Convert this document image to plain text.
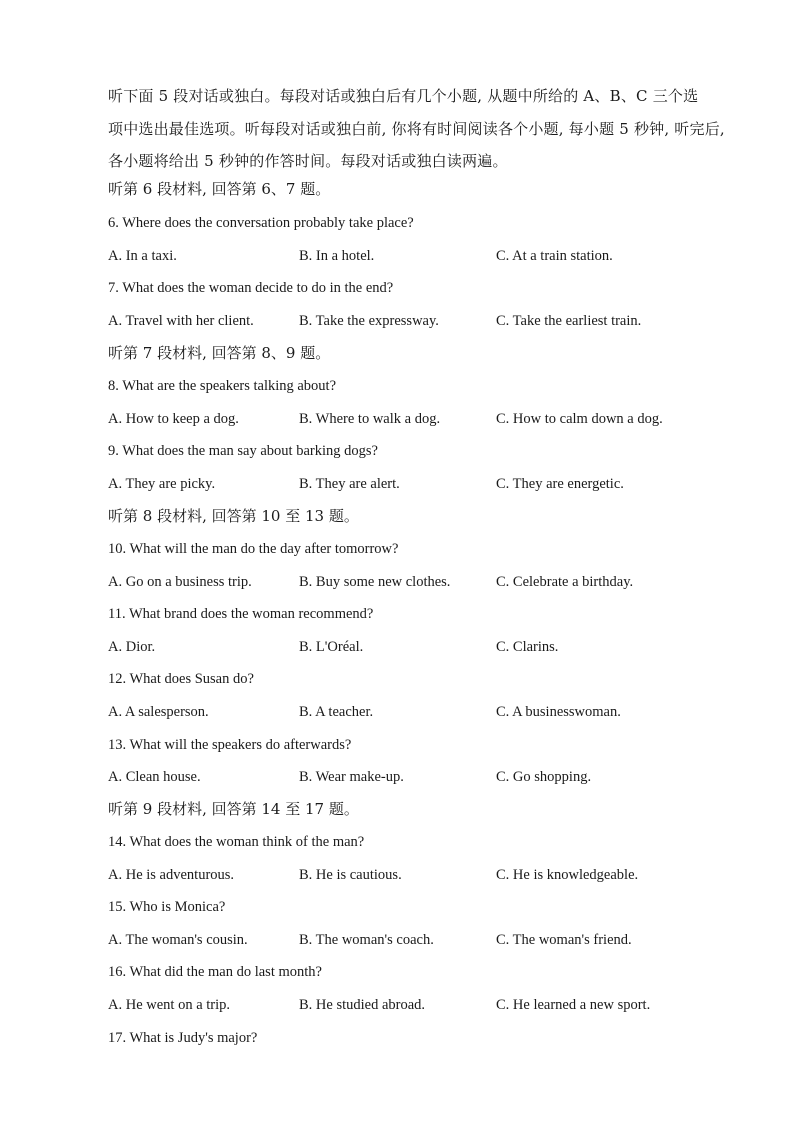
听下面 5 段对话或独白。每段对话或独白后有几个小题, 从题中所给的 A、B、C 三个选
项中选出最佳选项。听每段对话或独白前, 你将有时间阅读各个小题, 每小题 5 秒钟, 听完后,
各小题将给出 5 秒钟的作答时间。每段对话或独白读两遍。
听第 6 段材料, 回答第 6、7 题。
6. Where does the conversation probably take place?
A. In a taxi.	B. In a hotel.	C. At a train station.
7. What does the woman decide to do in the end?
A. Travel with her client.	B. Take the expressway.	C. Take the earliest train.
听第 7 段材料, 回答第 8、9 题。
8. What are the speakers talking about?
A. How to keep a dog.	B. Where to walk a dog.	C. How to calm down a dog.
9. What does the man say about barking dogs?
A. They are picky.	B. They are alert.	C. They are energetic.
听第 8 段材料, 回答第 10 至 13 题。
10. What will the man do the day after tomorrow?
A. Go on a business trip.	B. Buy some new clothes.	C. Celebrate a birthday.
11. What brand does the woman recommend?
A. Dior.	B. L'Oréal.	C. Clarins.
12. What does Susan do?
A. A salesperson.	B. A teacher.	C. A businesswoman.
13. What will the speakers do afterwards?
A. Clean house.	B. Wear make-up.	C. Go shopping.
听第 9 段材料, 回答第 14 至 17 题。
14. What does the woman think of the man?
A. He is adventurous.	B. He is cautious.	C. He is knowledgeable.
15. Who is Monica?
A. The woman's cousin.	B. The woman's coach.	C. The woman's friend.
16. What did the man do last month?
A. He went on a trip.	B. He studied abroad.	C. He learned a new sport.
17. What is Judy's major?
